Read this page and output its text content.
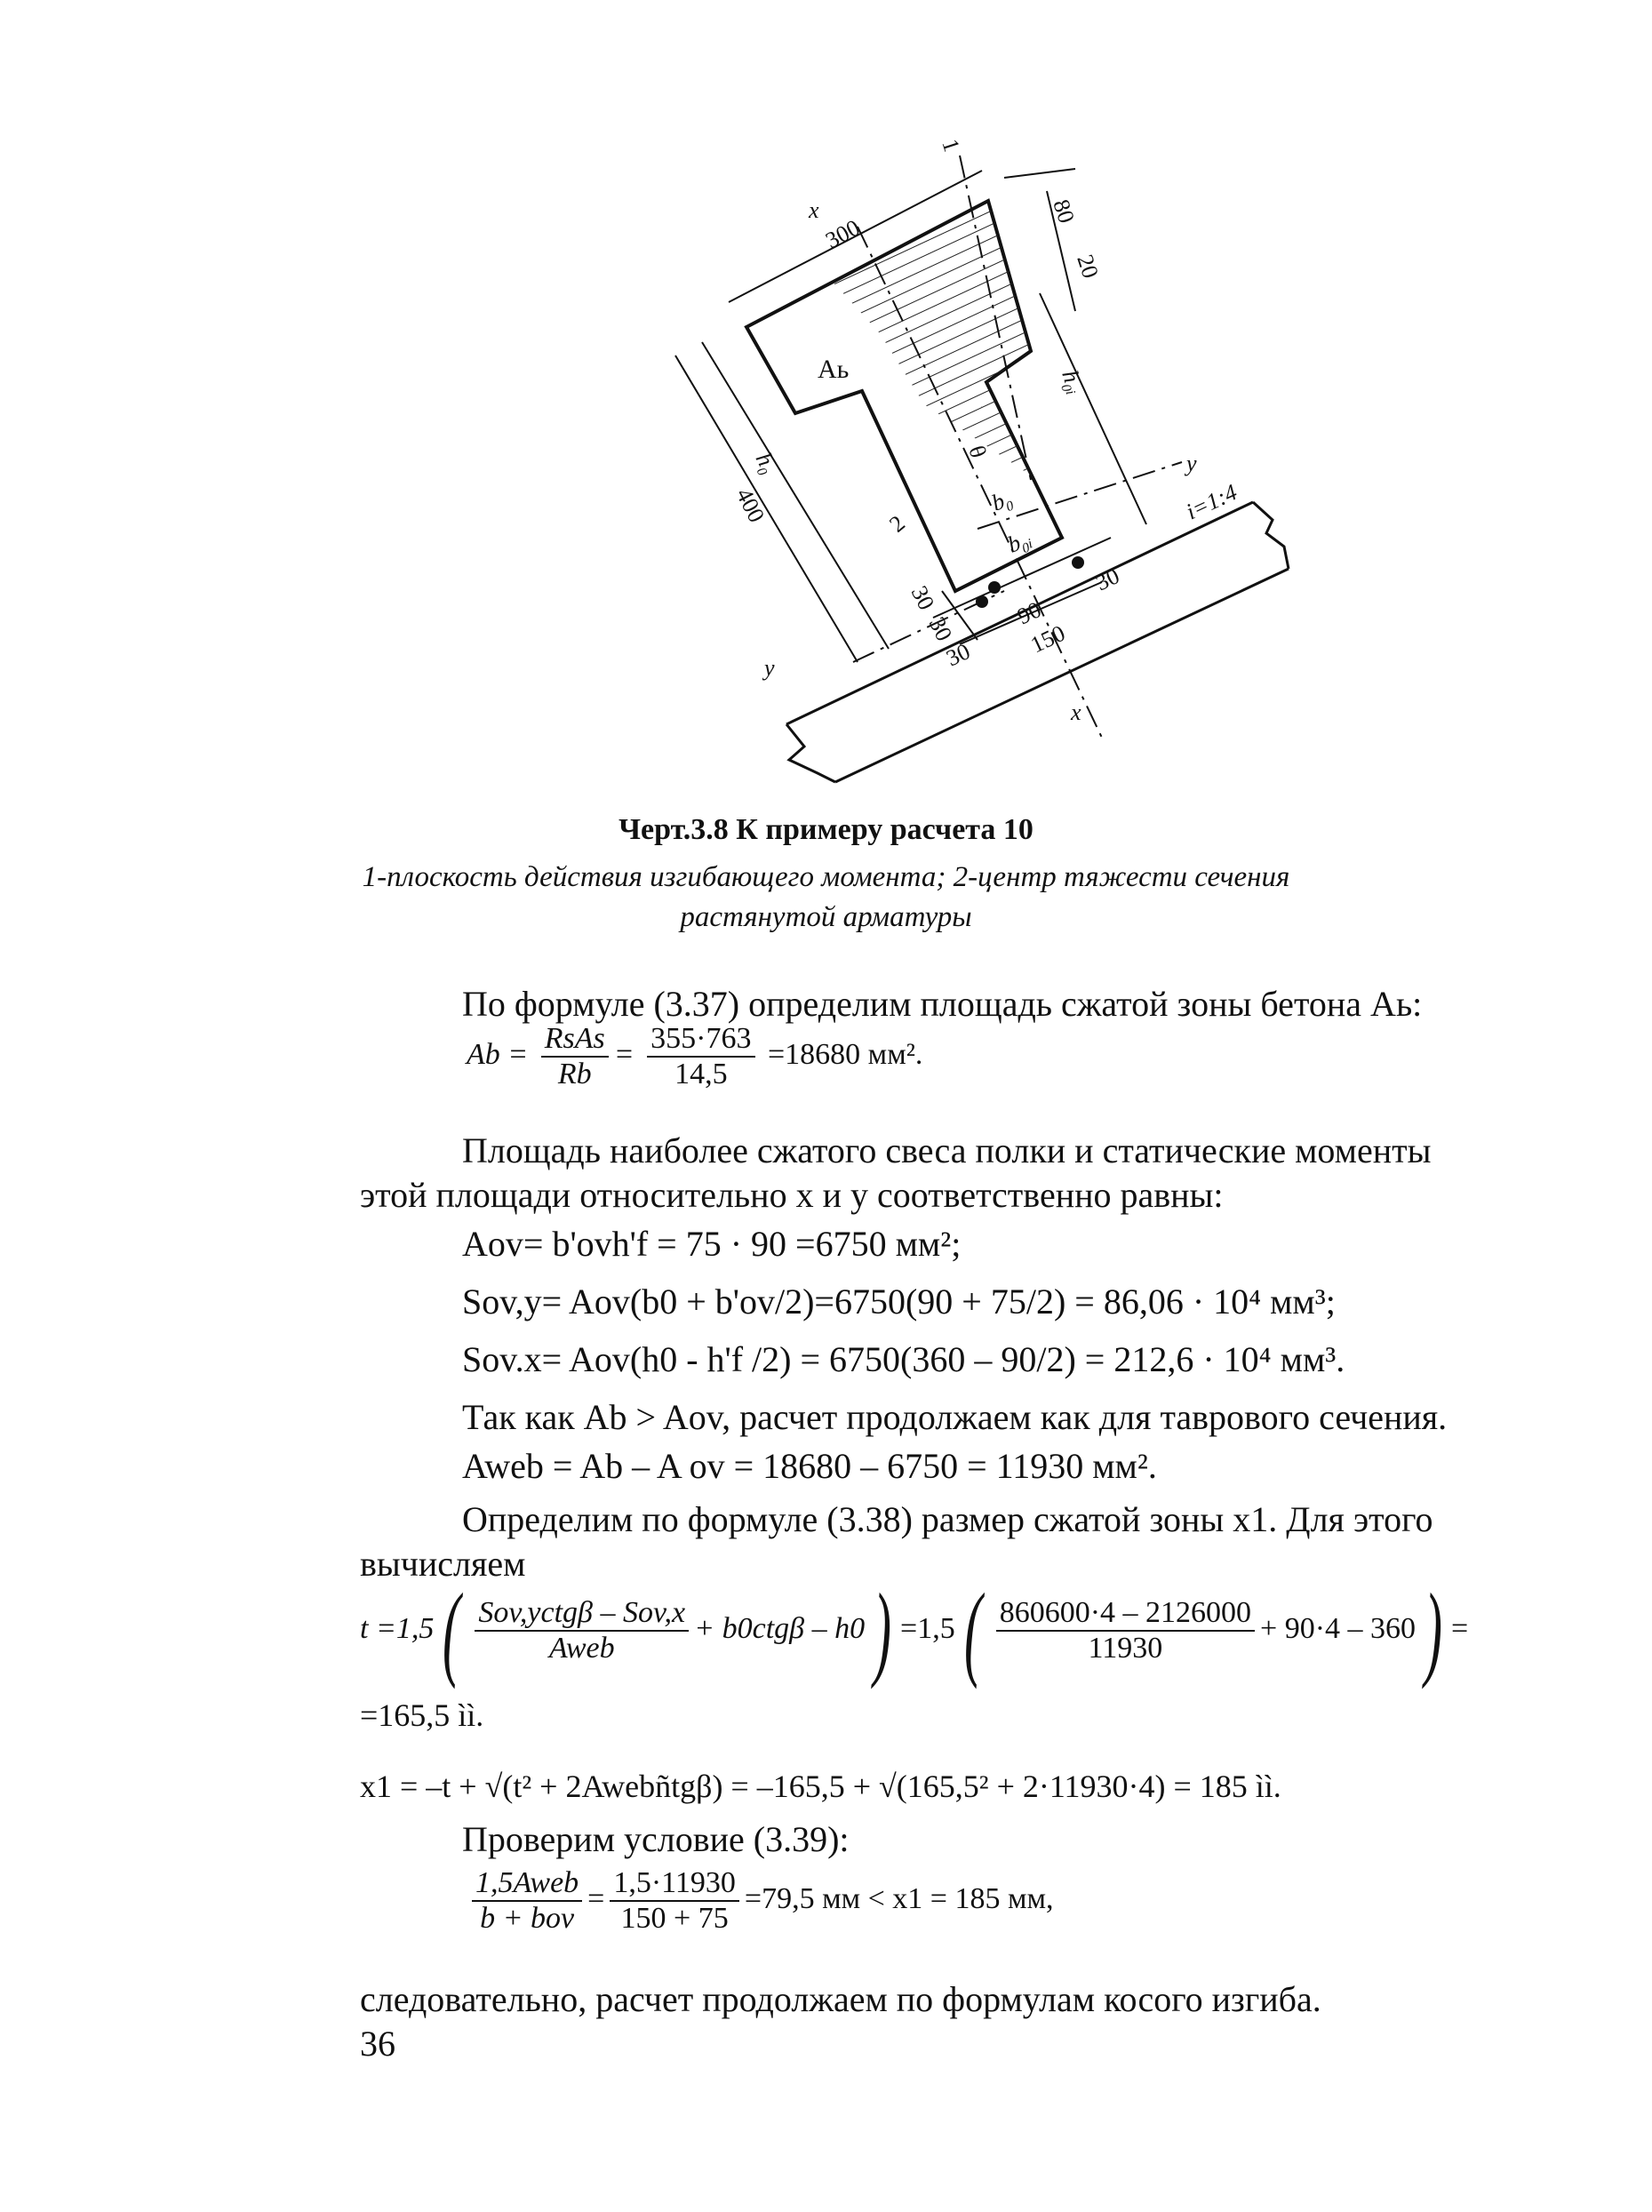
300
80
20
400
h₀
h₀ᵢ
Aь
θ
b₀
b₀ᵢ
i=1:4
30
90
150
30
30
30
1
2
x
x
y
y
Черт.3.8 К примеру расчета 10
1-плоскость действия изгибающего момента; 2-центр тяжести сечения
растянутой арматуры
По формуле (3.37) определим площадь сжатой зоны бетона Aь:
$Ab = \frac{\text{RsAs}}{Rb} = \frac{355\cdot 763}{14,5} =18680$ мм².
Площадь наиболее сжатого свеса полки и статические моменты
этой площади относительно x и y соответственно равны:
Aov= b'ovh'f = 75 · 90 =6750 мм²;
Sov,y= Aov(b0 + b'ov/2)=6750(90 + 75/2) = 86,06 · 10⁴ мм³;
Sov.x= Aov(h0 - h'f /2) = 6750(360 – 90/2) = 212,6 · 10⁴ мм³.
Так как Ab > Aov, расчет продолжаем как для таврового сечения.
Aweb = Ab – A ov = 18680 – 6750 = 11930 мм².
Определим по формуле (3.38) размер сжатой зоны x1. Для этого
вычисляем
$t =1,5( \frac{\text{Sov,yctgβ – Sov,x}}{\text{Aweb}} + b0ctg\beta - h0) =1,5( \frac{860600\cdot 4 - 2126000}{11930} + 90\cdot 4 - 360)$ =
=165,5 ìì.
x1 = –t + √(t² + 2Awebñtgβ) = –165,5 + √(165,5² + 2·11930·4) = 185 ìì.
Проверим условие (3.39):
$\frac{\text{1,5Aweb}}{\text{b + bov}} = \frac{1,5\cdot 11930}{150 + 75} =79,5$ мм < x1 = 185 мм,
следовательно, расчет продолжаем по формулам косого изгиба.
36
